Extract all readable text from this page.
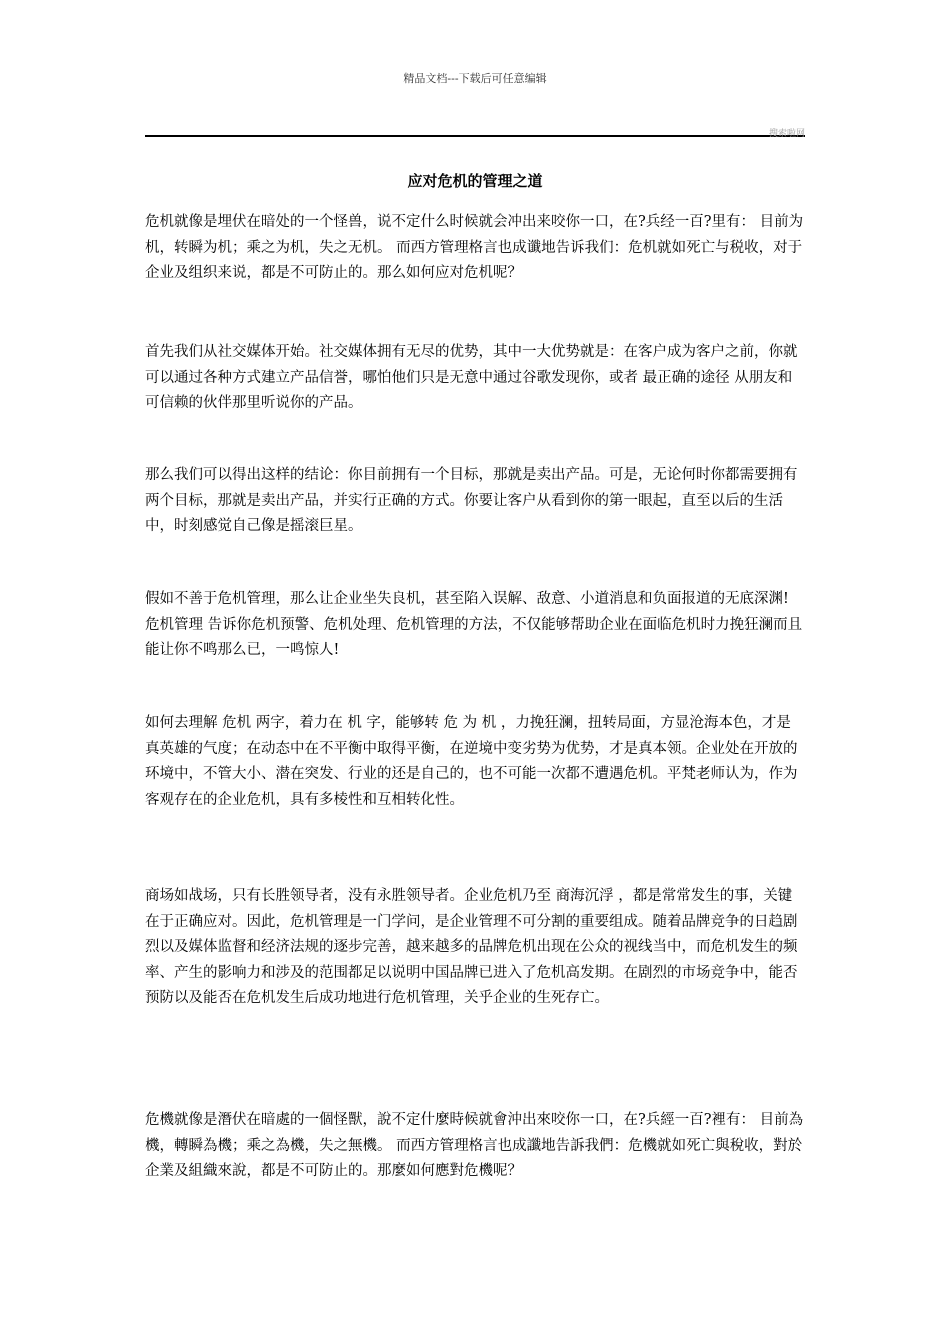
精品文档---下载后可任意编辑
搜索啦网
应对危机的管理之道

危机就像是埋伏在暗处的一个怪兽，说不定什么时候就会冲出来咬你一口，在?兵经一百?里有： 目前为机，转瞬为机；乘之为机，失之无机。 而西方管理格言也成谶地告诉我们：危机就如死亡与税收，对于企业及组织来说，都是不可防止的。那么如何应对危机呢？

首先我们从社交媒体开始。社交媒体拥有无尽的优势，其中一大优势就是：在客户成为客户之前，你就可以通过各种方式建立产品信誉，哪怕他们只是无意中通过谷歌发现你，或者 最正确的途径 从朋友和可信赖的伙伴那里听说你的产品。

那么我们可以得出这样的结论：你目前拥有一个目标，那就是卖出产品。可是，无论何时你都需要拥有两个目标，那就是卖出产品，并实行正确的方式。你要让客户从看到你的第一眼起，直至以后的生活中，时刻感觉自己像是摇滚巨星。

假如不善于危机管理，那么让企业坐失良机，甚至陷入误解、敌意、小道消息和负面报道的无底深渊! 危机管理 告诉你危机预警、危机处理、危机管理的方法，不仅能够帮助企业在面临危机时力挽狂澜而且能让你不鸣那么已，一鸣惊人!

如何去理解 危机 两字，着力在 机 字，能够转 危 为 机 ，力挽狂澜，扭转局面，方显沧海本色，才是真英雄的气度；在动态中在不平衡中取得平衡，在逆境中变劣势为优势，才是真本领。企业处在开放的环境中，不管大小、潜在突发、行业的还是自己的，也不可能一次都不遭遇危机。平梵老师认为，作为客观存在的企业危机，具有多棱性和互相转化性。

商场如战场，只有长胜领导者，没有永胜领导者。企业危机乃至 商海沉浮 ，都是常常发生的事，关键在于正确应对。因此，危机管理是一门学问，是企业管理不可分割的重要组成。随着品牌竞争的日趋剧烈以及媒体监督和经济法规的逐步完善，越来越多的品牌危机出现在公众的视线当中，而危机发生的频率、产生的影响力和涉及的范围都足以说明中国品牌已进入了危机高发期。在剧烈的市场竞争中，能否预防以及能否在危机发生后成功地进行危机管理，关乎企业的生死存亡。

危機就像是潛伏在暗處的一個怪獸，說不定什麼時候就會沖出來咬你一口，在?兵經一百?裡有： 目前為機，轉瞬為機；乘之為機，失之無機。 而西方管理格言也成讖地告訴我們：危機就如死亡與稅收，對於企業及組織來說，都是不可防止的。那麼如何應對危機呢？
